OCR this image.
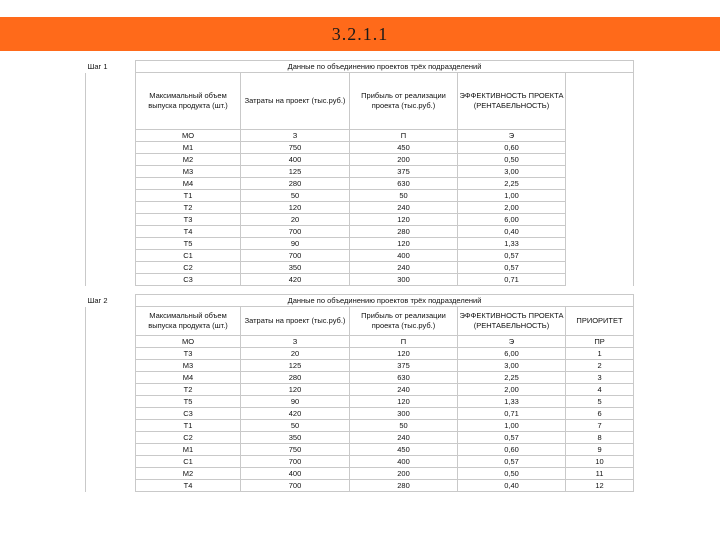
3.2.1.1
Шаг 1	Данные по объединению проектов трёх подразделений				
	Максимальный объем выпуска продукта (шт.)	Затраты на проект (тыс.руб.)	Прибыль от реализации проекта (тыс.руб.)	ЭФФЕКТИВНОСТЬ ПРОЕКТА (РЕНТАБЕЛЬНОСТЬ)	
	MO	З	П	Э	
	M1	750	450	0,60	
	M2	400	200	0,50	
	M3	125	375	3,00	
	M4	280	630	2,25	
	Т1	50	50	1,00	
	Т2	120	240	2,00	
	Т3	20	120	6,00	
	Т4	700	280	0,40	
	Т5	90	120	1,33	
	С1	700	400	0,57	
	С2	350	240	0,57	
	С3	420	300	0,71	

Шаг 2	Данные по объединению проектов трёх подразделений				
	Максимальный объем выпуска продукта (шт.)	Затраты на проект (тыс.руб.)	Прибыль от реализации проекта (тыс.руб.)	ЭФФЕКТИВНОСТЬ ПРОЕКТА (РЕНТАБЕЛЬНОСТЬ)	ПРИОРИТЕТ
	MO	З	П	Э	ПР
	Т3	20	120	6,00	1
	M3	125	375	3,00	2
	M4	280	630	2,25	3
	Т2	120	240	2,00	4
	Т5	90	120	1,33	5
	С3	420	300	0,71	6
	Т1	50	50	1,00	7
	С2	350	240	0,57	8
	M1	750	450	0,60	9
	С1	700	400	0,57	10
	M2	400	200	0,50	11
	Т4	700	280	0,40	12
